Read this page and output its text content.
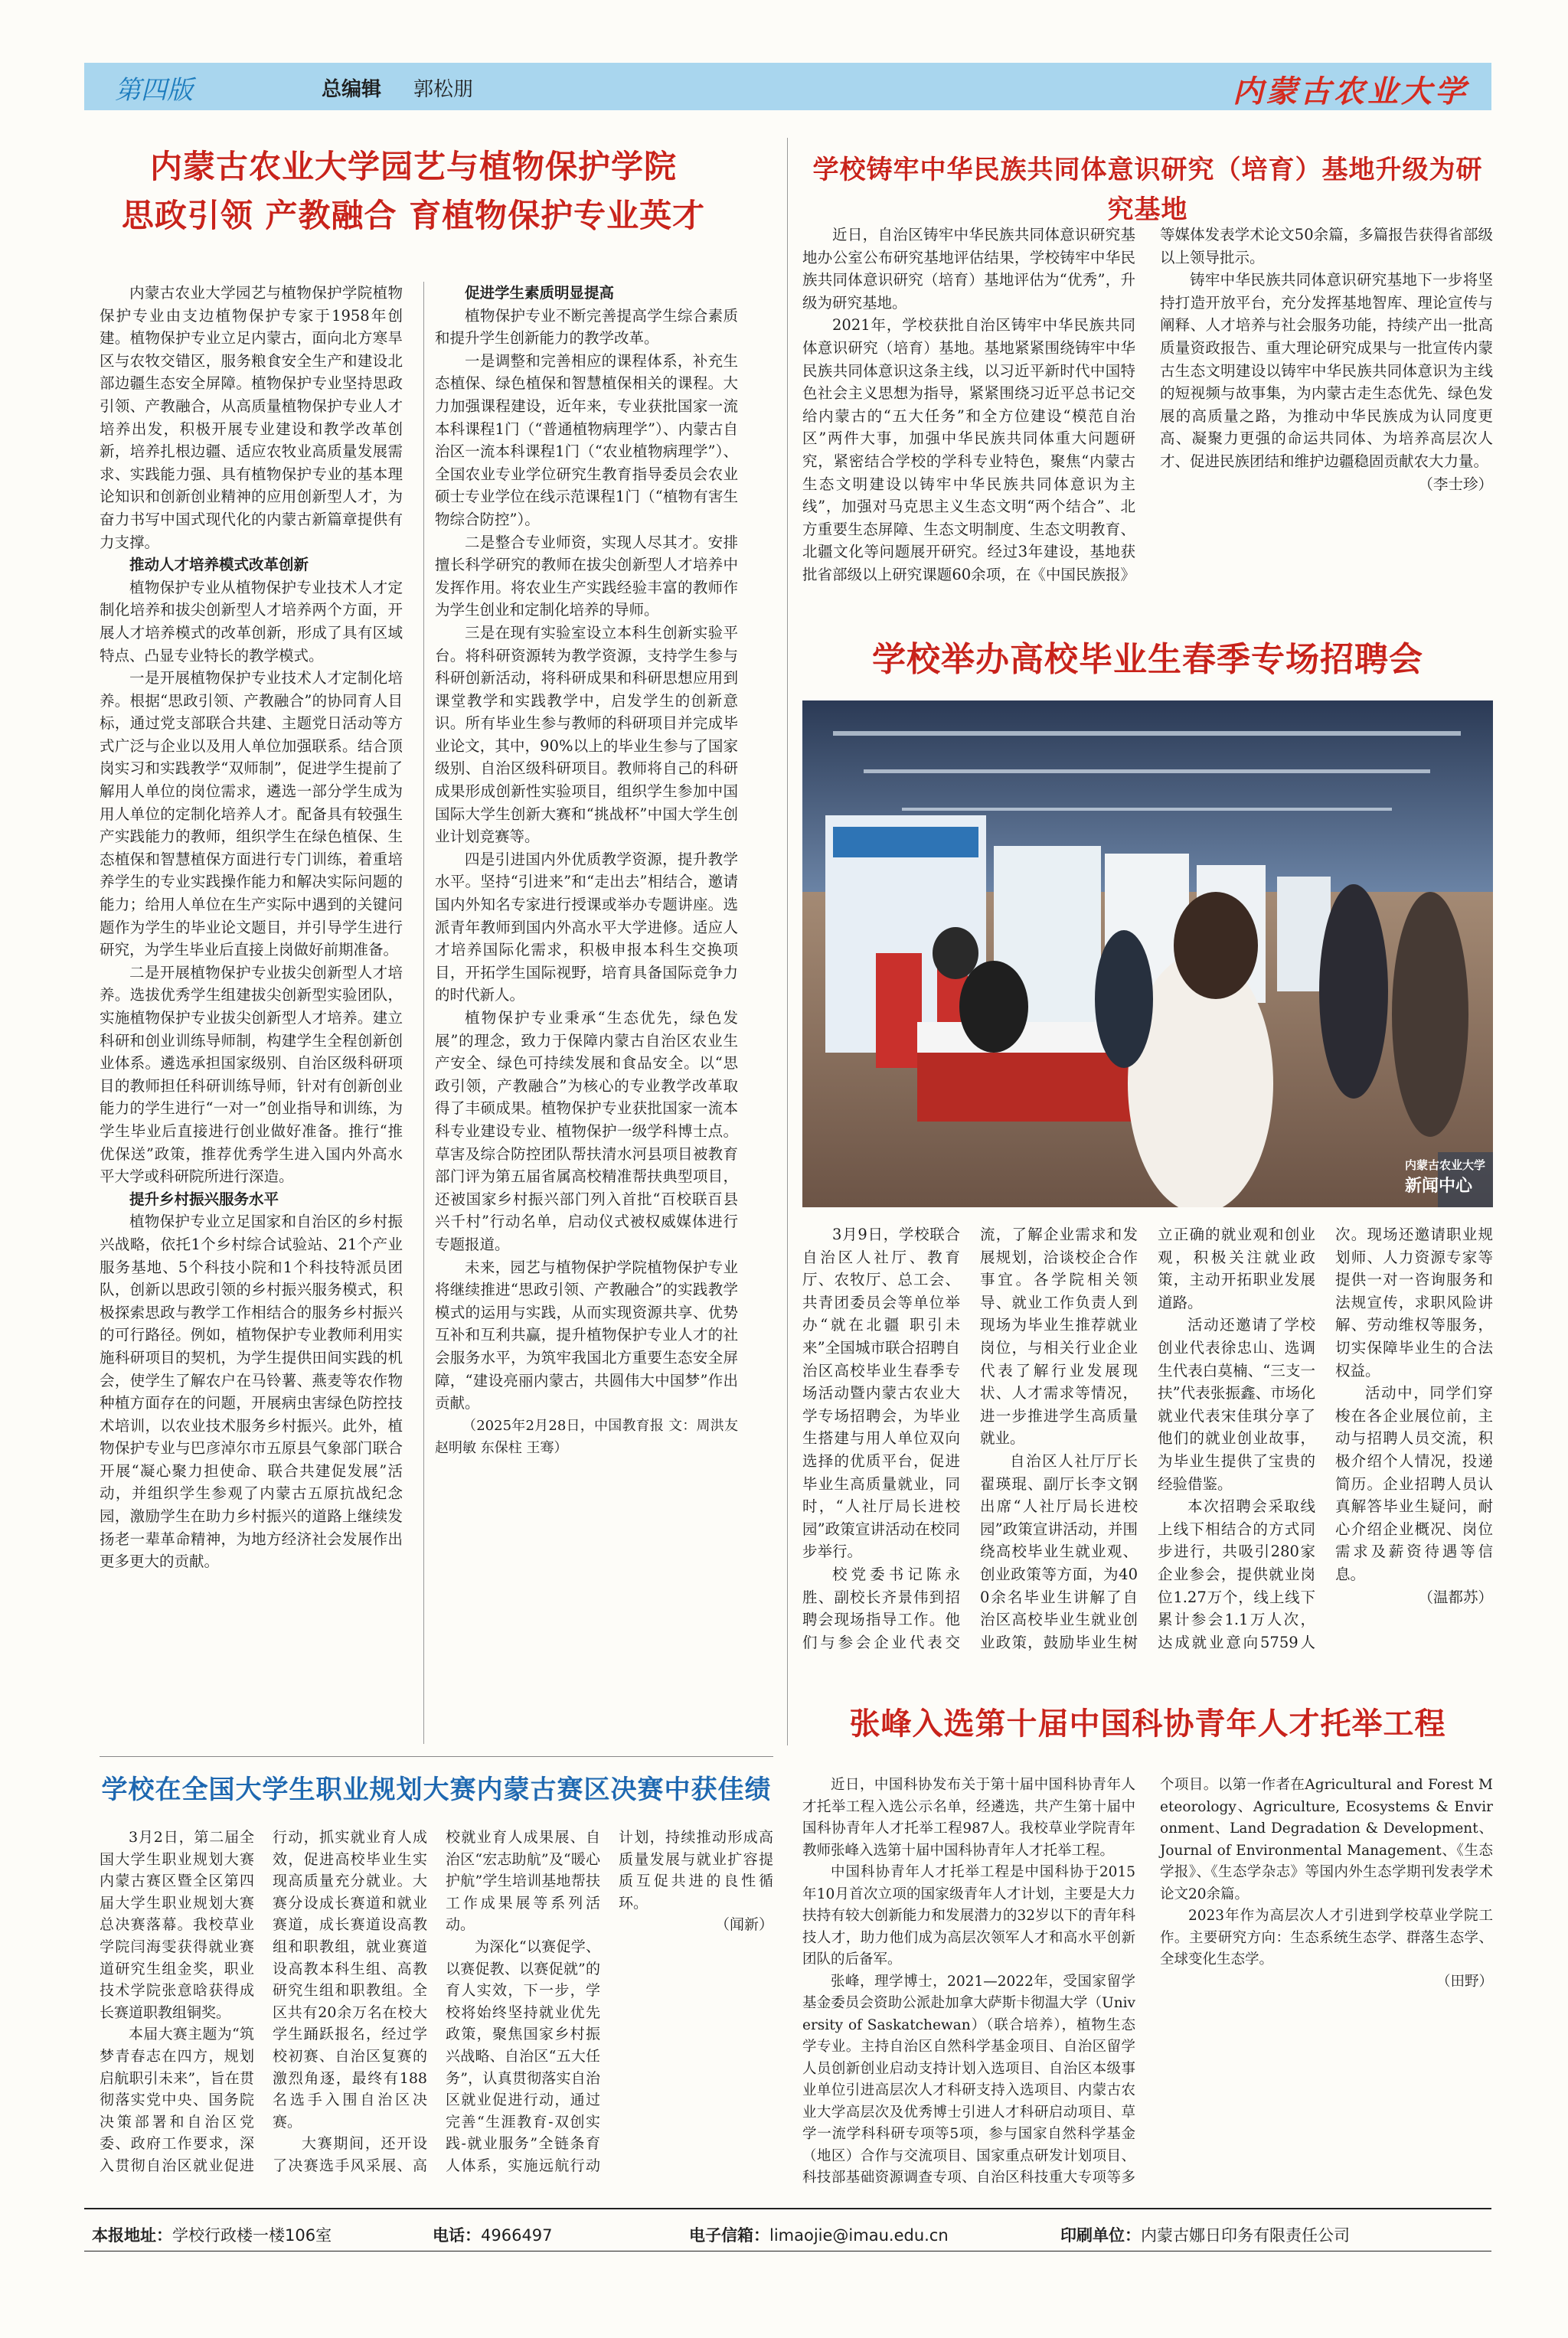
第四版	总编辑 郭松朋	内蒙古农业大学
内蒙古农业大学园艺与植物保护学院
思政引领 产教融合 育植物保护专业英才

内蒙古农业大学园艺与植物保护学院植物保护专业由支边植物保护专家于1958年创建。植物保护专业立足内蒙古，面向北方寒旱区与农牧交错区，服务粮食安全生产和建设北部边疆生态安全屏障。植物保护专业坚持思政引领、产教融合，从高质量植物保护专业人才培养出发，积极开展专业建设和教学改革创新，培养扎根边疆、适应农牧业高质量发展需求、实践能力强、具有植物保护专业的基本理论知识和创新创业精神的应用创新型人才，为奋力书写中国式现代化的内蒙古新篇章提供有力支撑。

推动人才培养模式改革创新

植物保护专业从植物保护专业技术人才定制化培养和拔尖创新型人才培养两个方面，开展人才培养模式的改革创新，形成了具有区域特点、凸显专业特长的教学模式。

一是开展植物保护专业技术人才定制化培养。根据“思政引领、产教融合”的协同育人目标，通过党支部联合共建、主题党日活动等方式广泛与企业以及用人单位加强联系。结合顶岗实习和实践教学“双师制”，促进学生提前了解用人单位的岗位需求，遴选一部分学生成为用人单位的定制化培养人才。配备具有较强生产实践能力的教师，组织学生在绿色植保、生态植保和智慧植保方面进行专门训练，着重培养学生的专业实践操作能力和解决实际问题的能力；给用人单位在生产实际中遇到的关键问题作为学生的毕业论文题目，并引导学生进行研究，为学生毕业后直接上岗做好前期准备。

二是开展植物保护专业拔尖创新型人才培养。选拔优秀学生组建拔尖创新型实验团队，实施植物保护专业拔尖创新型人才培养。建立科研和创业训练导师制，构建学生全程创新创业体系。遴选承担国家级别、自治区级科研项目的教师担任科研训练导师，针对有创新创业能力的学生进行“一对一”创业指导和训练，为学生毕业后直接进行创业做好准备。推行“推优保送”政策，推荐优秀学生进入国内外高水平大学或科研院所进行深造。

提升乡村振兴服务水平

植物保护专业立足国家和自治区的乡村振兴战略，依托1个乡村综合试验站、21个产业服务基地、5个科技小院和1个科技特派员团队，创新以思政引领的乡村振兴服务模式，积极探索思政与教学工作相结合的服务乡村振兴的可行路径。例如，植物保护专业教师利用实施科研项目的契机，为学生提供田间实践的机会，使学生了解农户在马铃薯、燕麦等农作物种植方面存在的问题，开展病虫害绿色防控技术培训，以农业技术服务乡村振兴。此外，植物保护专业与巴彦淖尔市五原县气象部门联合开展“凝心聚力担使命、联合共建促发展”活动，并组织学生参观了内蒙古五原抗战纪念园，激励学生在助力乡村振兴的道路上继续发扬老一辈革命精神，为地方经济社会发展作出更多更大的贡献。

促进学生素质明显提高

植物保护专业不断完善提高学生综合素质和提升学生创新能力的教学改革。

一是调整和完善相应的课程体系，补充生态植保、绿色植保和智慧植保相关的课程。大力加强课程建设，近年来，专业获批国家一流本科课程1门（“普通植物病理学”）、内蒙古自治区一流本科课程1门（“农业植物病理学”）、全国农业专业学位研究生教育指导委员会农业硕士专业学位在线示范课程1门（“植物有害生物综合防控”）。

二是整合专业师资，实现人尽其才。安排擅长科学研究的教师在拔尖创新型人才培养中发挥作用。将农业生产实践经验丰富的教师作为学生创业和定制化培养的导师。

三是在现有实验室设立本科生创新实验平台。将科研资源转为教学资源，支持学生参与科研创新活动，将科研成果和科研思想应用到课堂教学和实践教学中，启发学生的创新意识。所有毕业生参与教师的科研项目并完成毕业论文，其中，90%以上的毕业生参与了国家级别、自治区级科研项目。教师将自己的科研成果形成创新性实验项目，组织学生参加中国国际大学生创新大赛和“挑战杯”中国大学生创业计划竞赛等。

四是引进国内外优质教学资源，提升教学水平。坚持“引进来”和“走出去”相结合，邀请国内外知名专家进行授课或举办专题讲座。选派青年教师到国内外高水平大学进修。适应人才培养国际化需求，积极申报本科生交换项目，开拓学生国际视野，培育具备国际竞争力的时代新人。

植物保护专业秉承“生态优先，绿色发展”的理念，致力于保障内蒙古自治区农业生产安全、绿色可持续发展和食品安全。以“思政引领，产教融合”为核心的专业教学改革取得了丰硕成果。植物保护专业获批国家一流本科专业建设专业、植物保护一级学科博士点。草害及综合防控团队帮扶清水河县项目被教育部门评为第五届省属高校精准帮扶典型项目，还被国家乡村振兴部门列入首批“百校联百县兴千村”行动名单，启动仪式被权威媒体进行专题报道。

未来，园艺与植物保护学院植物保护专业将继续推进“思政引领、产教融合”的实践教学模式的运用与实践，从而实现资源共享、优势互补和互利共赢，提升植物保护专业人才的社会服务水平，为筑牢我国北方重要生态安全屏障，“建设亮丽内蒙古，共圆伟大中国梦”作出贡献。

（2025年2月28日，中国教育报 文：周洪友 赵明敏 东保柱 王骞）

学校铸牢中华民族共同体意识研究（培育）基地升级为研究基地

近日，自治区铸牢中华民族共同体意识研究基地办公室公布研究基地评估结果，学校铸牢中华民族共同体意识研究（培育）基地评估为“优秀”，升级为研究基地。

2021年，学校获批自治区铸牢中华民族共同体意识研究（培育）基地。基地紧紧围绕铸牢中华民族共同体意识这条主线，以习近平新时代中国特色社会主义思想为指导，紧紧围绕习近平总书记交给内蒙古的“五大任务”和全方位建设“模范自治区”两件大事，加强中华民族共同体重大问题研究，紧密结合学校的学科专业特色，聚焦“内蒙古生态文明建设以铸牢中华民族共同体意识为主线”，加强对马克思主义生态文明“两个结合”、北方重要生态屏障、生态文明制度、生态文明教育、北疆文化等问题展开研究。经过3年建设，基地获批省部级以上研究课题60余项，在《中国民族报》等媒体发表学术论文50余篇，多篇报告获得省部级以上领导批示。

铸牢中华民族共同体意识研究基地下一步将坚持打造开放平台，充分发挥基地智库、理论宣传与阐释、人才培养与社会服务功能，持续产出一批高质量资政报告、重大理论研究成果与一批宣传内蒙古生态文明建设以铸牢中华民族共同体意识为主线的短视频与故事集，为内蒙古走生态优先、绿色发展的高质量之路，为推动中华民族成为认同度更高、凝聚力更强的命运共同体、为培养高层次人才、促进民族团结和维护边疆稳固贡献农大力量。

（李士珍）

学校举办高校毕业生春季专场招聘会
内蒙古农业大学
新闻中心

3月9日，学校联合自治区人社厅、教育厅、农牧厅、总工会、共青团委员会等单位举办“就在北疆 职引未来”全国城市联合招聘自治区高校毕业生春季专场活动暨内蒙古农业大学专场招聘会，为毕业生搭建与用人单位双向选择的优质平台，促进毕业生高质量就业，同时，“人社厅局长进校园”政策宣讲活动在校同步举行。

校党委书记陈永胜、副校长齐景伟到招聘会现场指导工作。他们与参会企业代表交流，了解企业需求和发展规划，洽谈校企合作事宜。各学院相关领导、就业工作负责人到现场为毕业生推荐就业岗位，与相关行业企业代表了解行业发展现状、人才需求等情况，进一步推进学生高质量就业。

自治区人社厅厅长翟瑛琨、副厅长李文钢出席“人社厅局长进校园”政策宣讲活动，并围绕高校毕业生就业观、创业政策等方面，为400余名毕业生讲解了自治区高校毕业生就业创业政策，鼓励毕业生树立正确的就业观和创业观，积极关注就业政策，主动开拓职业发展道路。

活动还邀请了学校创业代表徐忠山、选调生代表白莫楠、“三支一扶”代表张振鑫、市场化就业代表宋佳琪分享了他们的就业创业故事，为毕业生提供了宝贵的经验借鉴。

本次招聘会采取线上线下相结合的方式同步进行，共吸引280家企业参会，提供就业岗位1.27万个，线上线下累计参会1.1万人次，达成就业意向5759人次。现场还邀请职业规划师、人力资源专家等提供一对一咨询服务和法规宣传，求职风险讲解、劳动维权等服务，切实保障毕业生的合法权益。

活动中，同学们穿梭在各企业展位前，主动与招聘人员交流，积极介绍个人情况，投递简历。企业招聘人员认真解答毕业生疑问，耐心介绍企业概况、岗位需求及薪资待遇等信息。

（温都苏）

张峰入选第十届中国科协青年人才托举工程

近日，中国科协发布关于第十届中国科协青年人才托举工程入选公示名单，经遴选，共产生第十届中国科协青年人才托举工程987人。我校草业学院青年教师张峰入选第十届中国科协青年人才托举工程。

中国科协青年人才托举工程是中国科协于2015年10月首次立项的国家级青年人才计划，主要是大力扶持有较大创新能力和发展潜力的32岁以下的青年科技人才，助力他们成为高层次领军人才和高水平创新团队的后备军。

张峰，理学博士，2021—2022年，受国家留学基金委员会资助公派赴加拿大萨斯卡彻温大学（University of Saskatchewan）（联合培养），植物生态学专业。主持自治区自然科学基金项目、自治区留学人员创新创业启动支持计划入选项目、自治区本级事业单位引进高层次人才科研支持入选项目、内蒙古农业大学高层次及优秀博士引进人才科研启动项目、草学一流学科科研专项等5项，参与国家自然科学基金（地区）合作与交流项目、国家重点研发计划项目、科技部基础资源调查专项、自治区科技重大专项等多个项目。以第一作者在Agricultural and Forest Meteorology、Agriculture, Ecosystems & Environment、Land Degradation & Development、Journal of Environmental Management、《生态学报》、《生态学杂志》等国内外生态学期刊发表学术论文20余篇。

2023年作为高层次人才引进到学校草业学院工作。主要研究方向：生态系统生态学、群落生态学、全球变化生态学。

（田野）

学校在全国大学生职业规划大赛内蒙古赛区决赛中获佳绩

3月2日，第二届全国大学生职业规划大赛内蒙古赛区暨全区第四届大学生职业规划大赛总决赛落幕。我校草业学院闫海雯获得就业赛道研究生组金奖，职业技术学院张意晗获得成长赛道职教组铜奖。

本届大赛主题为“筑梦青春志在四方，规划启航职引未来”，旨在贯彻落实党中央、国务院决策部署和自治区党委、政府工作要求，深入贯彻自治区就业促进行动，抓实就业育人成效，促进高校毕业生实现高质量充分就业。大赛分设成长赛道和就业赛道，成长赛道设高教组和职教组，就业赛道设高教本科生组、高教研究生组和职教组。全区共有20余万名在校大学生踊跃报名，经过学校初赛、自治区复赛的激烈角逐，最终有188名选手入围自治区决赛。

大赛期间，还开设了决赛选手风采展、高校就业育人成果展、自治区“宏志助航”及“暖心护航”学生培训基地帮扶工作成果展等系列活动。

为深化“以赛促学、以赛促教、以赛促就”的育人实效，下一步，学校将始终坚持就业优先政策，聚焦国家乡村振兴战略、自治区“五大任务”，认真贯彻落实自治区就业促进行动，通过完善“生涯教育-双创实践-就业服务”全链条育人体系，实施远航行动计划，持续推动形成高质量发展与就业扩容提质互促共进的良性循环。

（闻新）

本报地址：学校行政楼一楼106室	电话：4966497	电子信箱：limaojie@imau.edu.cn	印刷单位：内蒙古娜日印务有限责任公司
